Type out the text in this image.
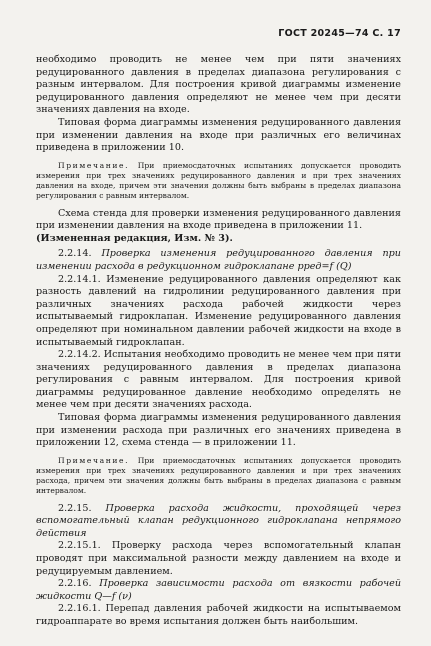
ГОСТ 20245—74 С. 17

необходимо проводить не менее чем при пяти значениях редуцированного давления в пределах диапазона регулирования с разным интервалом. Для построения кривой диаграммы изменение редуцированного давления определяют не менее чем при десяти значениях давления на входе.

Типовая форма диаграммы изменения редуцированного давления при изменении давления на входе при различных его величинах приведена в приложении 10.

Примечание. При приемосдаточных испытаниях допускается проводить измерения при трех значениях редуцированного давления и при трех значениях давления на входе, причем эти значения должны быть выбраны в пределах диапазона регулирования с равным интервалом.

Схема стенда для проверки изменения редуцированного давления при изменении давления на входе приведена в приложении 11.
(Измененная редакция, Изм. № 3).

2.2.14. Проверка изменения редуцированного давления при изменении расхода в редукционном гидроклапане pред=f (Q)

2.2.14.1. Изменение редуцированного давления определяют как разность давлений на гидролинии редуцированного давления при различных значениях расхода рабочей жидкости через испытываемый гидроклапан. Изменение редуцированного давления определяют при номинальном давлении рабочей жидкости на входе в испытываемый гидроклапан.

2.2.14.2. Испытания необходимо проводить не менее чем при пяти значениях редуцированного давления в пределах диапазона регулирования с равным интервалом. Для построения кривой диаграммы редуцированное давление необходимо определять не менее чем при десяти значениях расхода.

Типовая форма диаграммы изменения редуцированного давления при изменении расхода при различных его значениях приведена в приложении 12, схема стенда — в приложении 11.

Примечание. При приемосдаточных испытаниях допускается проводить измерения при трех значениях редуцированного давления и при трех значениях расхода, причем эти значения должны быть выбраны в пределах диапазона с равным интервалом.

2.2.15. Проверка расхода жидкости, проходящей через вспомогательный клапан редукционного гидроклапана непрямого действия

2.2.15.1. Проверку расхода через вспомогательный клапан проводят при максимальной разности между давлением на входе и редуцируемым давлением.

2.2.16. Проверка зависимости расхода от вязкости рабочей жидкости Q—f (ν)

2.2.16.1. Перепад давления рабочей жидкости на испытываемом гидроаппарате во время испытания должен быть наибольшим.
